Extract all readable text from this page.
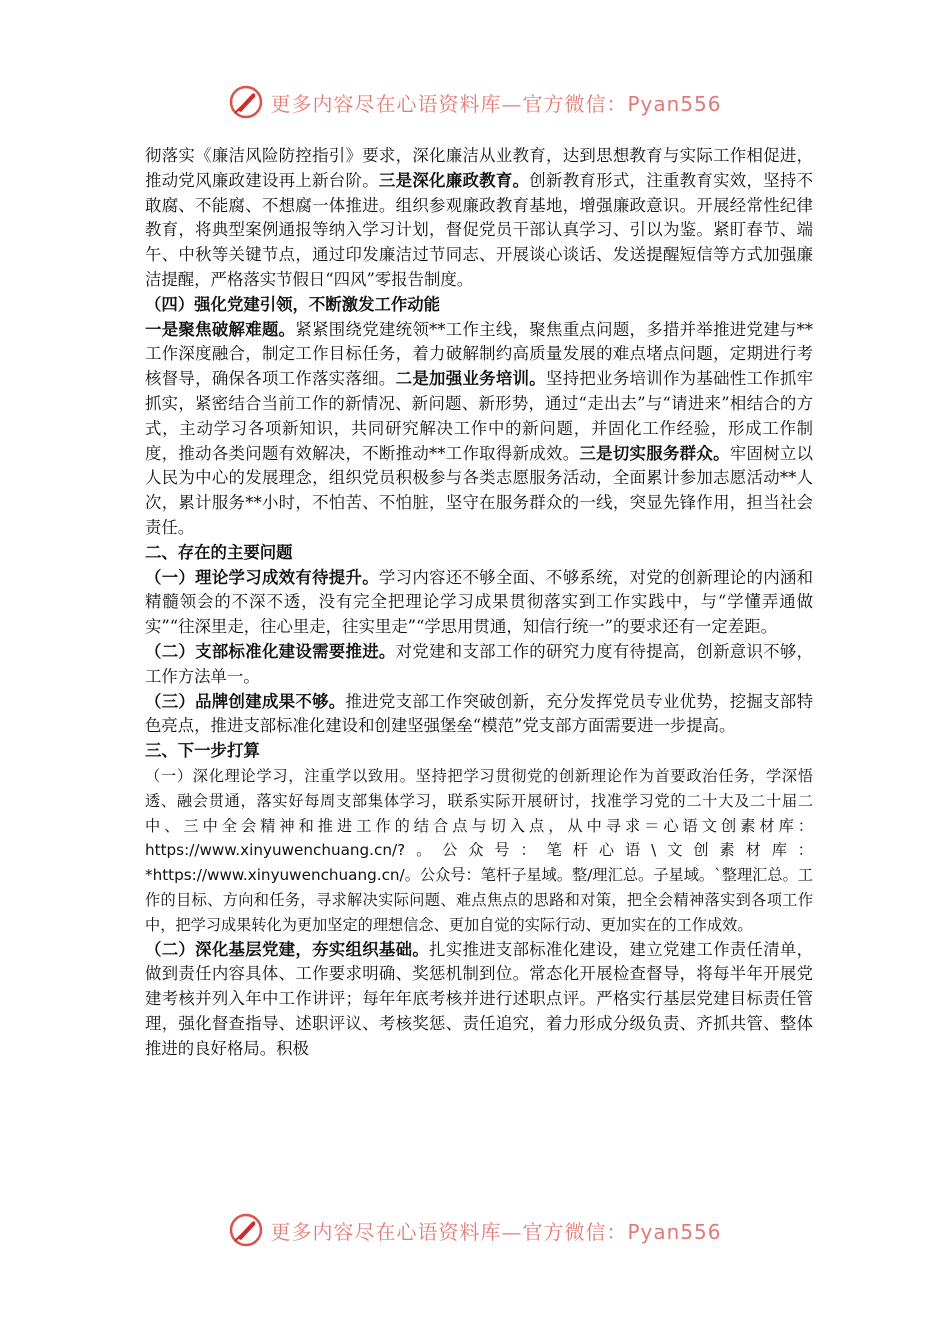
更多内容尽在心语资料库—官方微信：Pyan556

彻落实《廉洁风险防控指引》要求，深化廉洁从业教育，达到思想教育与实际工作相促进，推动党风廉政建设再上新台阶。三是深化廉政教育。创新教育形式，注重教育实效，坚持不敢腐、不能腐、不想腐一体推进。组织参观廉政教育基地，增强廉政意识。开展经常性纪律教育，将典型案例通报等纳入学习计划，督促党员干部认真学习、引以为鉴。紧盯春节、端午、中秋等关键节点，通过印发廉洁过节同志、开展谈心谈话、发送提醒短信等方式加强廉洁提醒，严格落实节假日“四风”零报告制度。

（四）强化党建引领，不断激发工作动能

一是聚焦破解难题。紧紧围绕党建统领**工作主线，聚焦重点问题，多措并举推进党建与**工作深度融合，制定工作目标任务，着力破解制约高质量发展的难点堵点问题，定期进行考核督导，确保各项工作落实落细。二是加强业务培训。坚持把业务培训作为基础性工作抓牢抓实，紧密结合当前工作的新情况、新问题、新形势，通过“走出去”与“请进来”相结合的方式，主动学习各项新知识，共同研究解决工作中的新问题，并固化工作经验，形成工作制度，推动各类问题有效解决，不断推动**工作取得新成效。三是切实服务群众。牢固树立以人民为中心的发展理念，组织党员积极参与各类志愿服务活动，全面累计参加志愿活动**人次，累计服务**小时，不怕苦、不怕脏，坚守在服务群众的一线，突显先锋作用，担当社会责任。

二、存在的主要问题

（一）理论学习成效有待提升。学习内容还不够全面、不够系统，对党的创新理论的内涵和精髓领会的不深不透，没有完全把理论学习成果贯彻落实到工作实践中，与“学懂弄通做实”“往深里走，往心里走，往实里走”“学思用贯通，知信行统一”的要求还有一定差距。

（二）支部标准化建设需要推进。对党建和支部工作的研究力度有待提高，创新意识不够，工作方法单一。

（三）品牌创建成果不够。推进党支部工作突破创新，充分发挥党员专业优势，挖掘支部特色亮点，推进支部标准化建设和创建坚强堡垒“模范”党支部方面需要进一步提高。

三、下一步打算

（一）深化理论学习，注重学以致用。坚持把学习贯彻党的创新理论作为首要政治任务，学深悟透、融会贯通，落实好每周支部集体学习，联系实际开展研讨，找准学习党的二十大及二十届二中、三中全会精神和推进工作的结合点与切入点，从中寻求＝心语文创素材库：https://www.xinyuwenchuang.cn/?。公众号：笔杆心语\文创素材库：*https://www.xinyuwenchuang.cn/。公众号：笔杆子星域。整/理汇总。子星域。`整理汇总。工作的目标、方向和任务，寻求解决实际问题、难点焦点的思路和对策，把全会精神落实到各项工作中，把学习成果转化为更加坚定的理想信念、更加自觉的实际行动、更加实在的工作成效。

（二）深化基层党建，夯实组织基础。扎实推进支部标准化建设，建立党建工作责任清单，做到责任内容具体、工作要求明确、奖惩机制到位。常态化开展检查督导，将每半年开展党建考核并列入年中工作讲评；每年年底考核并进行述职点评。严格实行基层党建目标责任管理，强化督查指导、述职评议、考核奖惩、责任追究，着力形成分级负责、齐抓共管、整体推进的良好格局。积极

更多内容尽在心语资料库—官方微信：Pyan556
